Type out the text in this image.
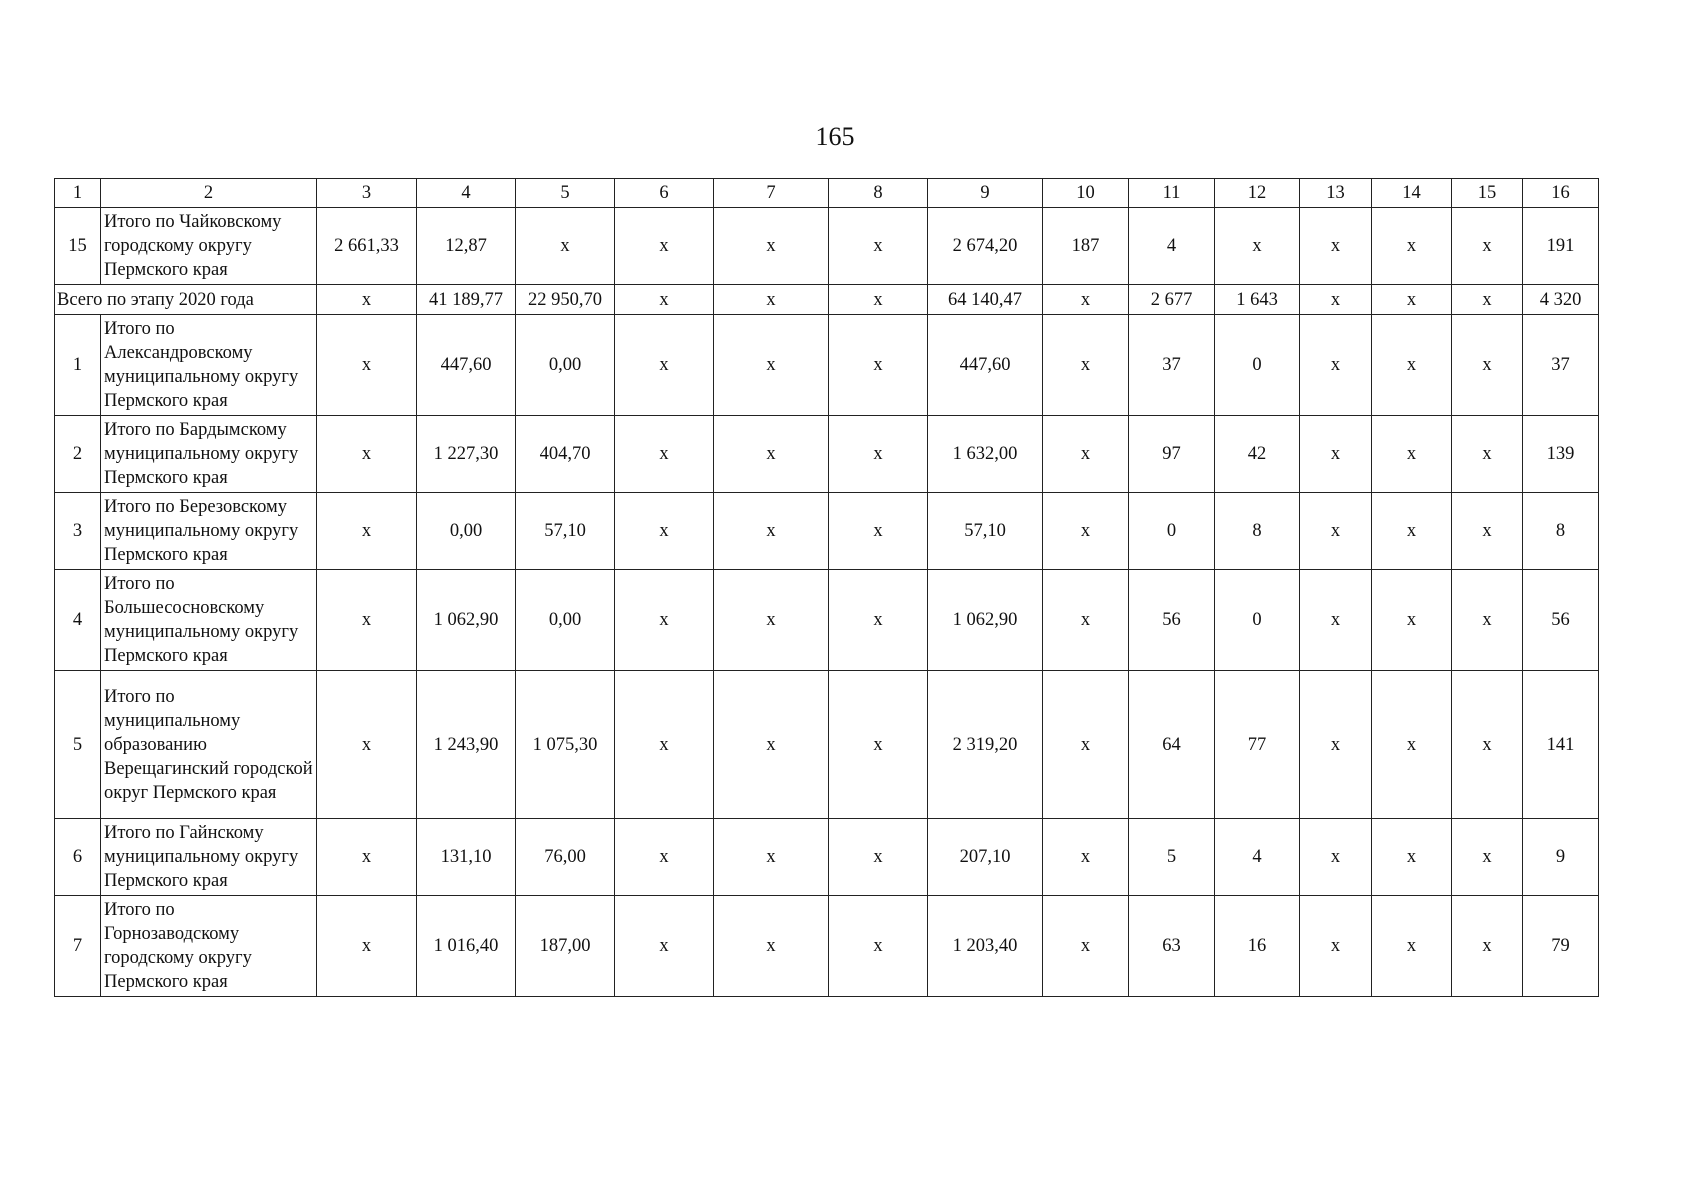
165
1	2	3	4	5	6	7	8	9	10	11	12	13	14	15	16
15	Итого по Чайковскому городскому округу Пермского края	2 661,33	12,87	х	х	х	х	2 674,20	187	4	х	х	х	х	191
Всего по этапу 2020 года		х	41 189,77	22 950,70	х	х	х	64 140,47	х	2 677	1 643	х	х	х	4 320
1	Итого по Александровскому муниципальному округу Пермского края	х	447,60	0,00	х	х	х	447,60	х	37	0	х	х	х	37
2	Итого по Бардымскому муниципальному округу Пермского края	х	1 227,30	404,70	х	х	х	1 632,00	х	97	42	х	х	х	139
3	Итого по Березовскому муниципальному округу Пермского края	х	0,00	57,10	х	х	х	57,10	х	0	8	х	х	х	8
4	Итого по Большесосновскому муниципальному округу Пермского края	х	1 062,90	0,00	х	х	х	1 062,90	х	56	0	х	х	х	56
5	Итого по муниципальному образованию Верещагинский городской округ Пермского края	х	1 243,90	1 075,30	х	х	х	2 319,20	х	64	77	х	х	х	141
6	Итого по Гайнскому муниципальному округу Пермского края	х	131,10	76,00	х	х	х	207,10	х	5	4	х	х	х	9
7	Итого по Горнозаводскому городскому округу Пермского края	х	1 016,40	187,00	х	х	х	1 203,40	х	63	16	х	х	х	79
